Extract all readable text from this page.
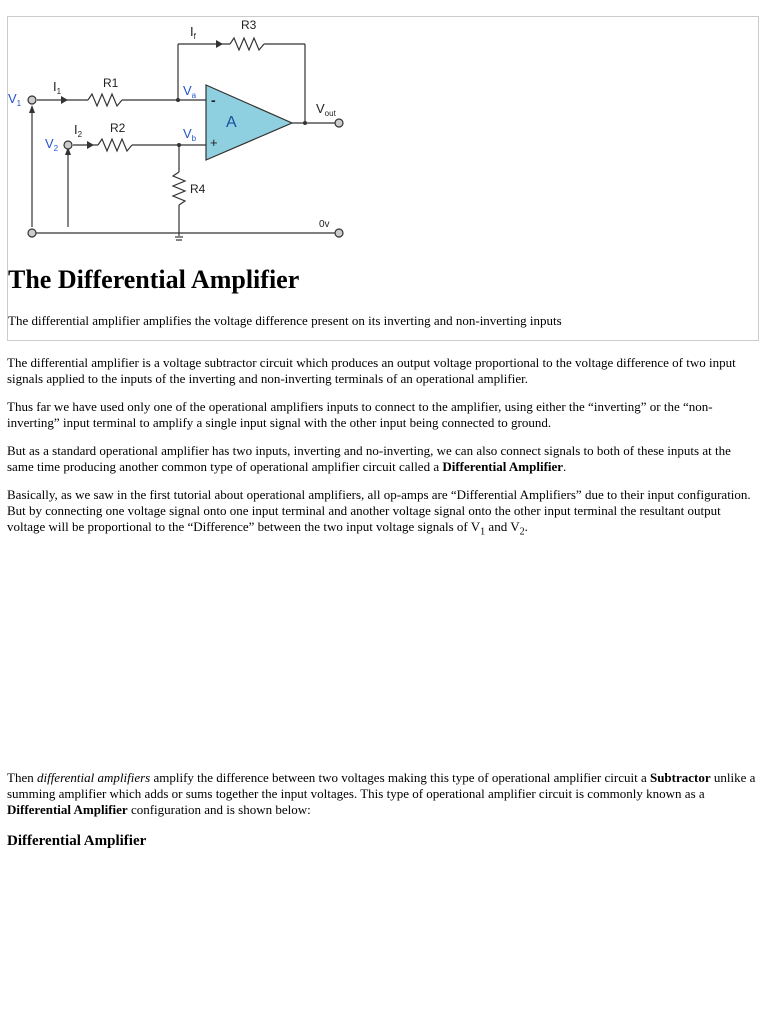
$I_f$
R3
$V_1$
$I_1$
R1	$V_a$ -
A
+
$V_{out}$
$I_2$ R2
$V_2$
$V_b$
R4
0v
The Differential Amplifier

The differential amplifier amplifies the voltage difference present on its inverting and non-inverting inputs

The differential amplifier is a voltage subtractor circuit which produces an output voltage proportional to the voltage difference of two input signals applied to the inputs of the inverting and non-inverting terminals of an operational amplifier.

Thus far we have used only one of the operational amplifiers inputs to connect to the amplifier, using either the “inverting” or the “non-inverting” input terminal to amplify a single input signal with the other input being connected to ground.

But as a standard operational amplifier has two inputs, inverting and no-inverting, we can also connect signals to both of these inputs at the same time producing another common type of operational amplifier circuit called a Differential Amplifier.

Basically, as we saw in the first tutorial about operational amplifiers, all op-amps are “Differential Amplifiers” due to their input configuration. But by connecting one voltage signal onto one input terminal and another voltage signal onto the other input terminal the resultant output voltage will be proportional to the “Difference” between the two input voltage signals of $V_1$ and $V_2$.

Then differential amplifiers amplify the difference between two voltages making this type of operational amplifier circuit a Subtractor unlike a summing amplifier which adds or sums together the input voltages. This type of operational amplifier circuit is commonly known as a Differential Amplifier configuration and is shown below:

Differential Amplifier
